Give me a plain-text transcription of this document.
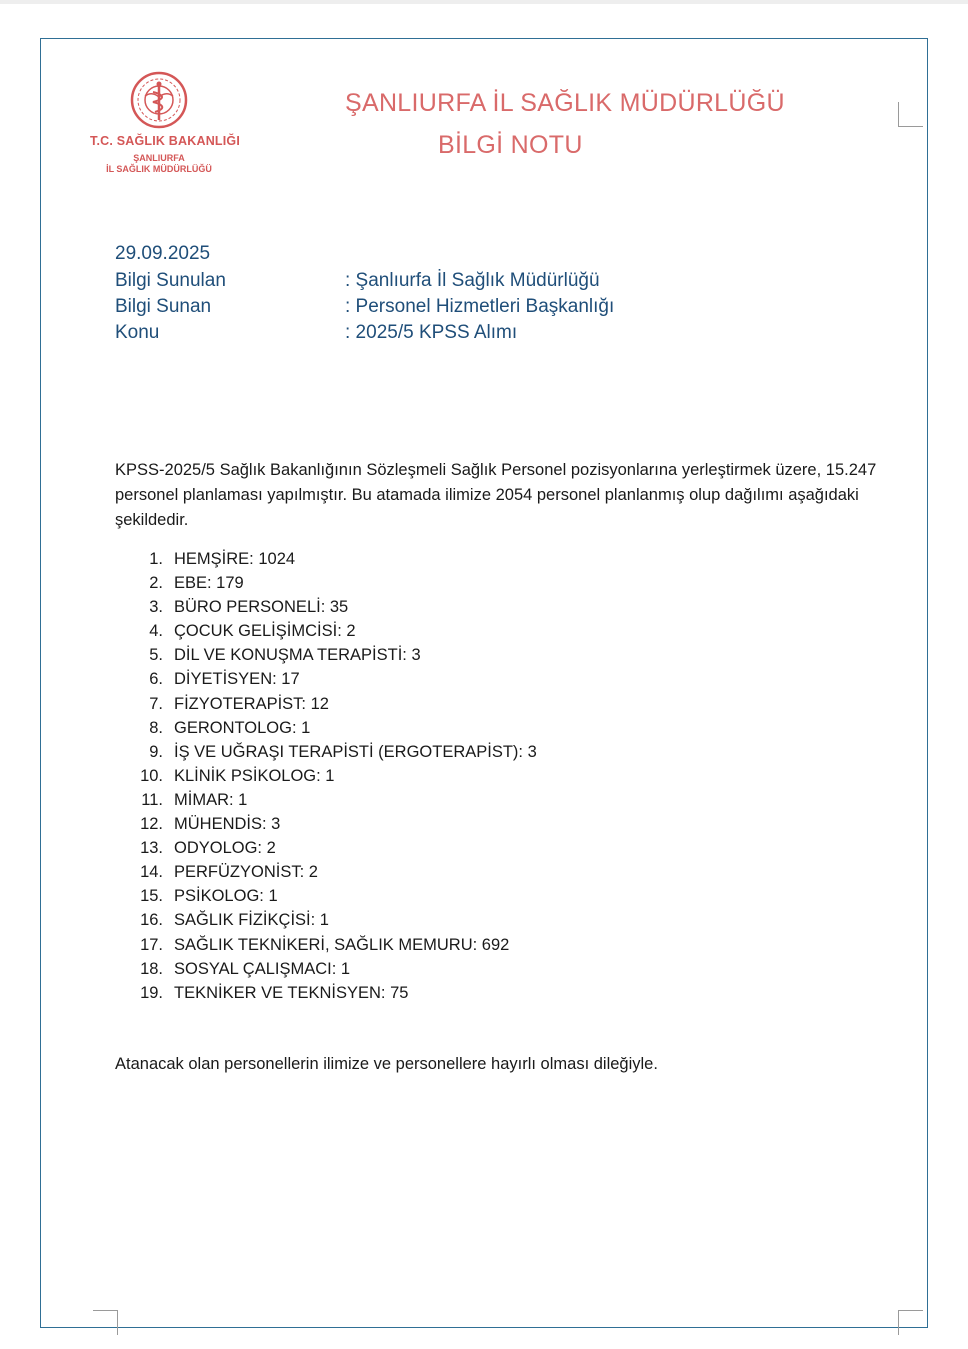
T.C. SAĞLIK BAKANLIĞI
ŞANLIURFA
İL SAĞLIK MÜDÜRLÜĞÜ
ŞANLIURFA İL SAĞLIK MÜDÜRLÜĞÜ
BİLGİ NOTU
29.09.2025
Bilgi Sunulan	: Şanlıurfa İl Sağlık Müdürlüğü
Bilgi Sunan	: Personel Hizmetleri Başkanlığı
Konu	: 2025/5 KPSS Alımı
KPSS-2025/5 Sağlık Bakanlığının Sözleşmeli Sağlık Personel pozisyonlarına yerleştirmek üzere, 15.247 personel planlaması yapılmıştır. Bu atamada ilimize 2054 personel planlanmış olup dağılımı aşağıdaki şekildedir.
1. HEMŞİRE: 1024
2. EBE: 179
3. BÜRO PERSONELİ: 35
4. ÇOCUK GELİŞİMCİSİ: 2
5. DİL VE KONUŞMA TERAPİSTİ: 3
6. DİYETİSYEN: 17
7. FİZYOTERAPİST: 12
8. GERONTOLOG: 1
9. İŞ VE UĞRAŞI TERAPİSTİ (ERGOTERAPİST): 3
10. KLİNİK PSİKOLOG: 1
11. MİMAR: 1
12. MÜHENDİS: 3
13. ODYOLOG: 2
14. PERFÜZYONİST: 2
15. PSİKOLOG: 1
16. SAĞLIK FİZİKÇİSİ: 1
17. SAĞLIK TEKNİKERİ, SAĞLIK MEMURU: 692
18. SOSYAL ÇALIŞMACI: 1
19. TEKNİKER VE TEKNİSYEN: 75
Atanacak olan personellerin ilimize ve personellere hayırlı olması dileğiyle.
